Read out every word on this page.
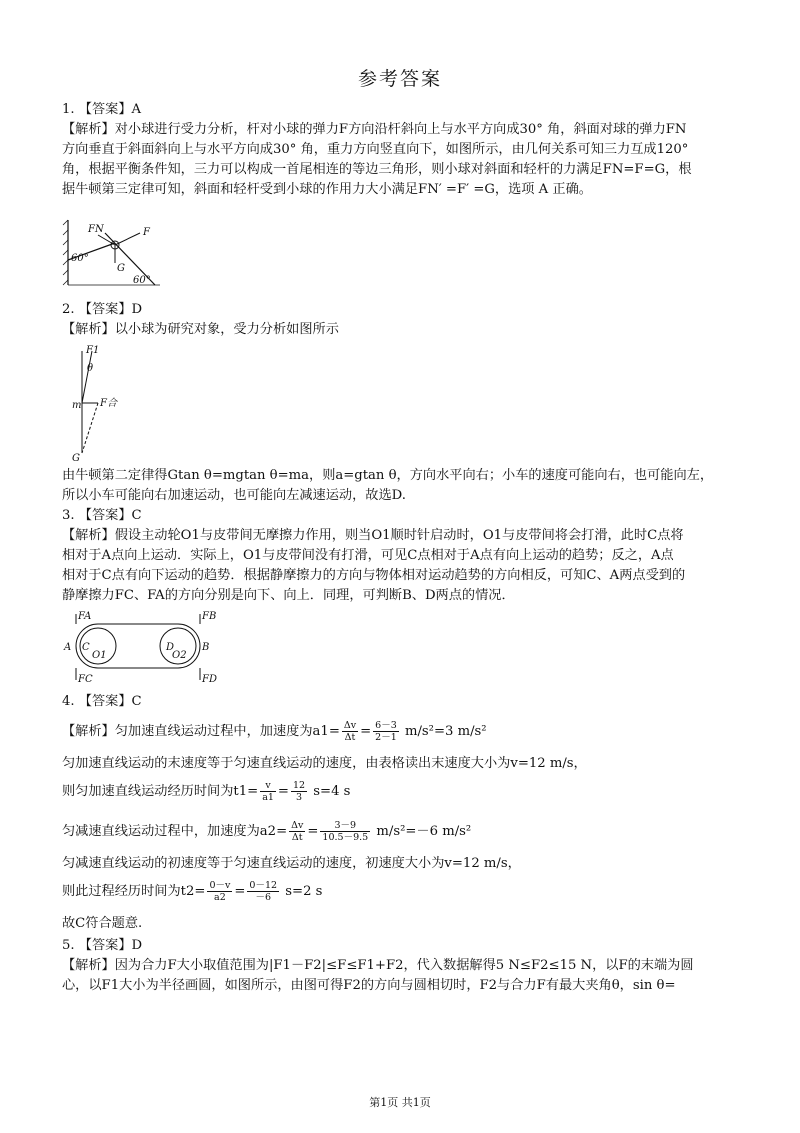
参考答案
1. 【答案】A
【解析】对小球进行受力分析，杆对小球的弹力F方向沿杆斜向上与水平方向成30° 角，斜面对球的弹力FN
方向垂直于斜面斜向上与水平方向成30° 角，重力方向竖直向下，如图所示，由几何关系可知三力互成120°
角，根据平衡条件知，三力可以构成一首尾相连的等边三角形，则小球对斜面和轻杆的力满足FN=F=G，根
据牛顿第三定律可知，斜面和轻杆受到小球的作用力大小满足FN′ =F′ =G，选项 A 正确。
FN	F
G
60°
60°
2. 【答案】D
【解析】以小球为研究对象，受力分析如图所示
F1
θ
m F合
G
由牛顿第二定律得Gtan θ=mgtan θ=ma，则a=gtan θ，方向水平向右；小车的速度可能向右，也可能向左，
所以小车可能向右加速运动，也可能向左减速运动，故选D.
3. 【答案】C
【解析】假设主动轮O1与皮带间无摩擦力作用，则当O1顺时针启动时，O1与皮带间将会打滑，此时C点将
相对于A点向上运动．实际上，O1与皮带间没有打滑，可见C点相对于A点有向上运动的趋势；反之，A点
相对于C点有向下运动的趋势．根据静摩擦力的方向与物体相对运动趋势的方向相反，可知C、A两点受到的
静摩擦力FC、FA的方向分别是向下、向上．同理，可判断B、D两点的情况．
FA	FB
FC	FD
A	B
C	D
O1	O2
4. 【答案】C
【解析】匀加速直线运动过程中，加速度为$a1= \frac{\Delta v}{\Delta t} = \frac{6-3}{2-1} m/s^2=3$ m/s²
匀加速直线运动的末速度等于匀速直线运动的速度，由表格读出末速度大小为v=12 m/s，
则匀加速直线运动经历时间为$t1= \frac{v}{a1} = \frac{12}{3} s=4$ s
匀减速直线运动过程中，加速度为$a2= \frac{\Delta v}{\Delta t} = \frac{3-9}{10.5-9.5} m/s^2=-6$ m/s²
匀减速直线运动的初速度等于匀速直线运动的速度，初速度大小为v=12 m/s，
则此过程经历时间为$t2= \frac{0-v}{a2} = \frac{0-12}{-6} s=2$ s
故C符合题意.
5. 【答案】D
【解析】因为合力F大小取值范围为|F1－F2|≤F≤F1+F2，代入数据解得5 N≤F2≤15 N，以F的末端为圆
心，以F1大小为半径画圆，如图所示，由图可得F2的方向与圆相切时，F2与合力F有最大夹角θ，sin θ=
第1页 共1页
